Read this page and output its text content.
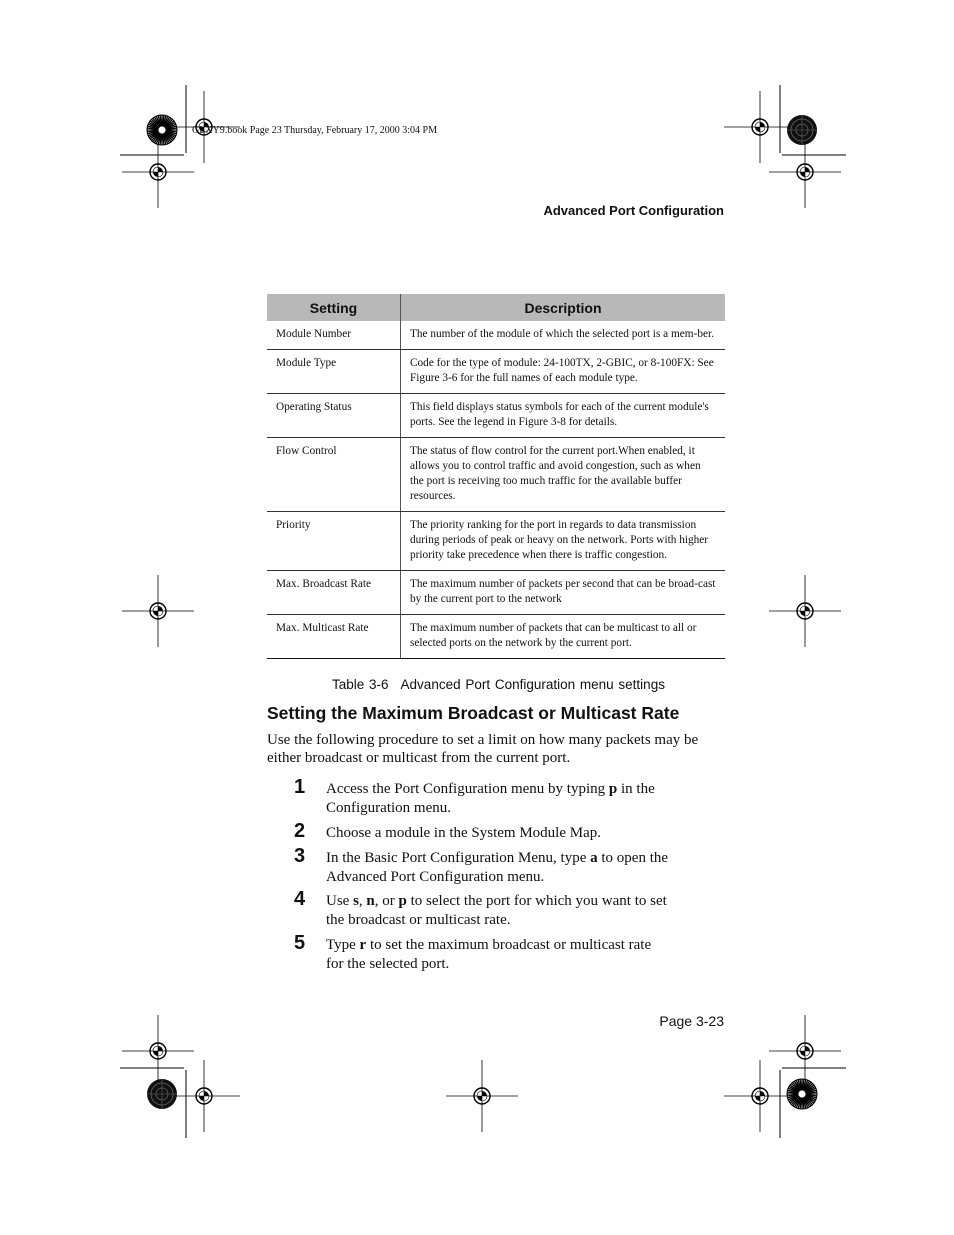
GLXY9.book Page 23 Thursday, February 17, 2000 3:04 PM
Advanced Port Configuration
Setting	Description
Module Number	The number of the module of which the selected port is a mem-ber.
Module Type	Code for the type of module: 24-100TX, 2-GBIC, or 8-100FX: See Figure 3-6 for the full names of each module type.
Operating Status	This field displays status symbols for each of the current module's ports. See the legend in Figure 3-8 for details.
Flow Control	The status of flow control for the current port.When enabled, it allows you to control traffic and avoid congestion, such as when the port is receiving too much traffic for the available buffer resources.
Priority	The priority ranking for the port in regards to data transmission during periods of peak or heavy on the network. Ports with higher priority take precedence when there is traffic congestion.
Max. Broadcast Rate	The maximum number of packets per second that can be broad-cast by the current port to the network
Max. Multicast Rate	The maximum number of packets that can be multicast to all or selected ports on the network by the current port.
Table 3-6 Advanced Port Configuration menu settings
Setting the Maximum Broadcast or Multicast Rate
Use the following procedure to set a limit on how many packets may be either broadcast or multicast from the current port.
1 Access the Port Configuration menu by typing p in the Configuration menu.
2 Choose a module in the System Module Map.
3 In the Basic Port Configuration Menu, type a to open the Advanced Port Configuration menu.
4 Use s, n, or p to select the port for which you want to set the broadcast or multicast rate.
5 Type r to set the maximum broadcast or multicast rate for the selected port.
Page 3-23
